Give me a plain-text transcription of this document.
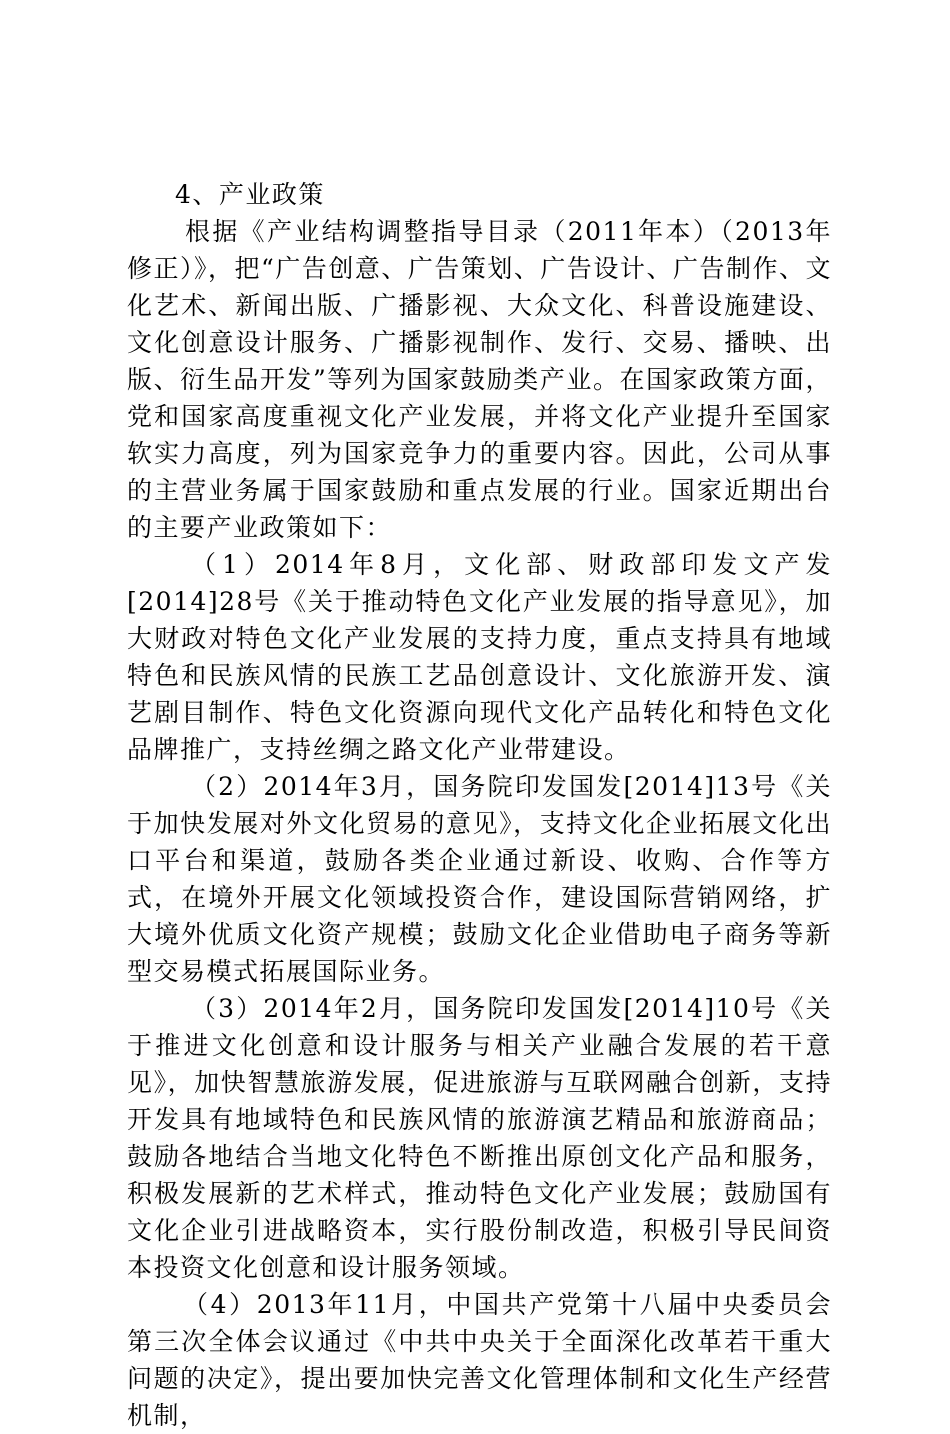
4、产业政策

根据《产业结构调整指导目录（2011年本）（2013年修正）》，把“广告创意、广告策划、广告设计、广告制作、文化艺术、新闻出版、广播影视、大众文化、科普设施建设、文化创意设计服务、广播影视制作、发行、交易、播映、出版、衍生品开发”等列为国家鼓励类产业。在国家政策方面，党和国家高度重视文化产业发展，并将文化产业提升至国家软实力高度，列为国家竞争力的重要内容。因此，公司从事的主营业务属于国家鼓励和重点发展的行业。国家近期出台的主要产业政策如下：

（1）2014年8月，文化部、财政部印发文产发[2014]28号《关于推动特色文化产业发展的指导意见》，加大财政对特色文化产业发展的支持力度，重点支持具有地域特色和民族风情的民族工艺品创意设计、文化旅游开发、演艺剧目制作、特色文化资源向现代文化产品转化和特色文化品牌推广，支持丝绸之路文化产业带建设。

（2）2014年3月，国务院印发国发[2014]13号《关于加快发展对外文化贸易的意见》，支持文化企业拓展文化出口平台和渠道，鼓励各类企业通过新设、收购、合作等方式，在境外开展文化领域投资合作，建设国际营销网络，扩大境外优质文化资产规模；鼓励文化企业借助电子商务等新型交易模式拓展国际业务。

（3）2014年2月，国务院印发国发[2014]10号《关于推进文化创意和设计服务与相关产业融合发展的若干意见》，加快智慧旅游发展，促进旅游与互联网融合创新，支持开发具有地域特色和民族风情的旅游演艺精品和旅游商品；鼓励各地结合当地文化特色不断推出原创文化产品和服务，积极发展新的艺术样式，推动特色文化产业发展；鼓励国有文化企业引进战略资本，实行股份制改造，积极引导民间资本投资文化创意和设计服务领域。

（4）2013年11月，中国共产党第十八届中央委员会第三次全体会议通过《中共中央关于全面深化改革若干重大问题的决定》，提出要加快完善文化管理体制和文化生产经营机制，
